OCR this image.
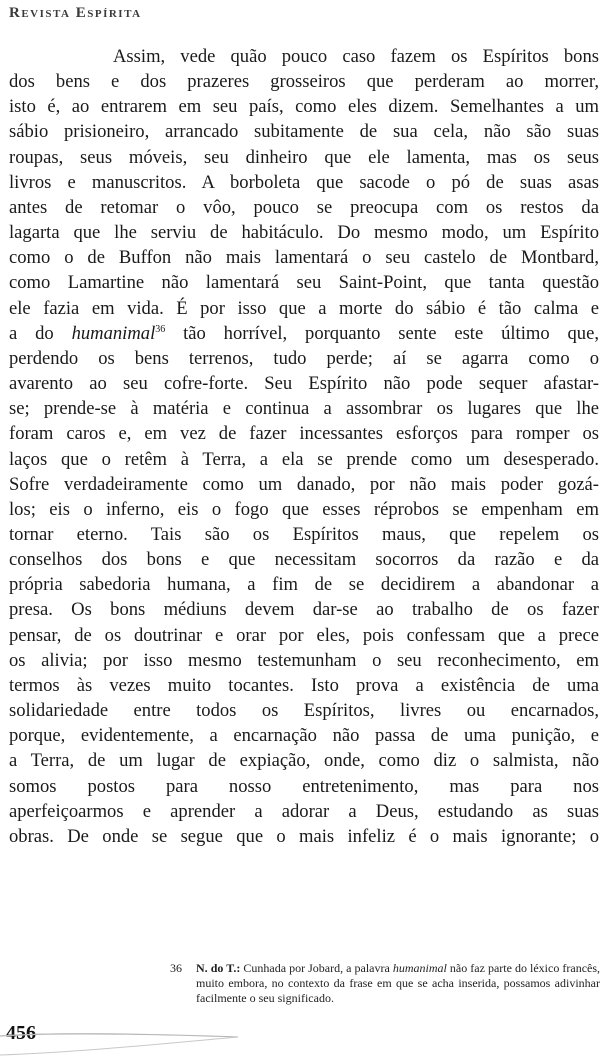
Revista Espírita
Assim, vede quão pouco caso fazem os Espíritos bons
dos bens e dos prazeres grosseiros que perderam ao morrer,
isto é, ao entrarem em seu país, como eles dizem. Semelhantes a um
sábio prisioneiro, arrancado subitamente de sua cela, não são suas
roupas, seus móveis, seu dinheiro que ele lamenta, mas os seus
livros e manuscritos. A borboleta que sacode o pó de suas asas
antes de retomar o vôo, pouco se preocupa com os restos da
lagarta que lhe serviu de habitáculo. Do mesmo modo, um Espírito
como o de Buffon não mais lamentará o seu castelo de Montbard,
como Lamartine não lamentará seu Saint-Point, que tanta questão
ele fazia em vida. É por isso que a morte do sábio é tão calma e
a do humanimal$^{36}$ tão horrível, porquanto sente este último que,
perdendo os bens terrenos, tudo perde; aí se agarra como o
avarento ao seu cofre-forte. Seu Espírito não pode sequer afastar-
se; prende-se à matéria e continua a assombrar os lugares que lhe
foram caros e, em vez de fazer incessantes esforços para romper os
laços que o retêm à Terra, a ela se prende como um desesperado.
Sofre verdadeiramente como um danado, por não mais poder gozá-
los; eis o inferno, eis o fogo que esses réprobos se empenham em
tornar eterno. Tais são os Espíritos maus, que repelem os
conselhos dos bons e que necessitam socorros da razão e da
própria sabedoria humana, a fim de se decidirem a abandonar a
presa. Os bons médiuns devem dar-se ao trabalho de os fazer
pensar, de os doutrinar e orar por eles, pois confessam que a prece
os alivia; por isso mesmo testemunham o seu reconhecimento, em
termos às vezes muito tocantes. Isto prova a existência de uma
solidariedade entre todos os Espíritos, livres ou encarnados,
porque, evidentemente, a encarnação não passa de uma punição, e
a Terra, de um lugar de expiação, onde, como diz o salmista, não
somos postos para nosso entretenimento, mas para nos
aperfeiçoarmos e aprender a adorar a Deus, estudando as suas
obras. De onde se segue que o mais infeliz é o mais ignorante; o
36	N. do T.: Cunhada por Jobard, a palavra humanimal não faz parte do léxico francês, muito embora, no contexto da frase em que se acha inserida, possamos adivinhar facilmente o seu significado.
456
